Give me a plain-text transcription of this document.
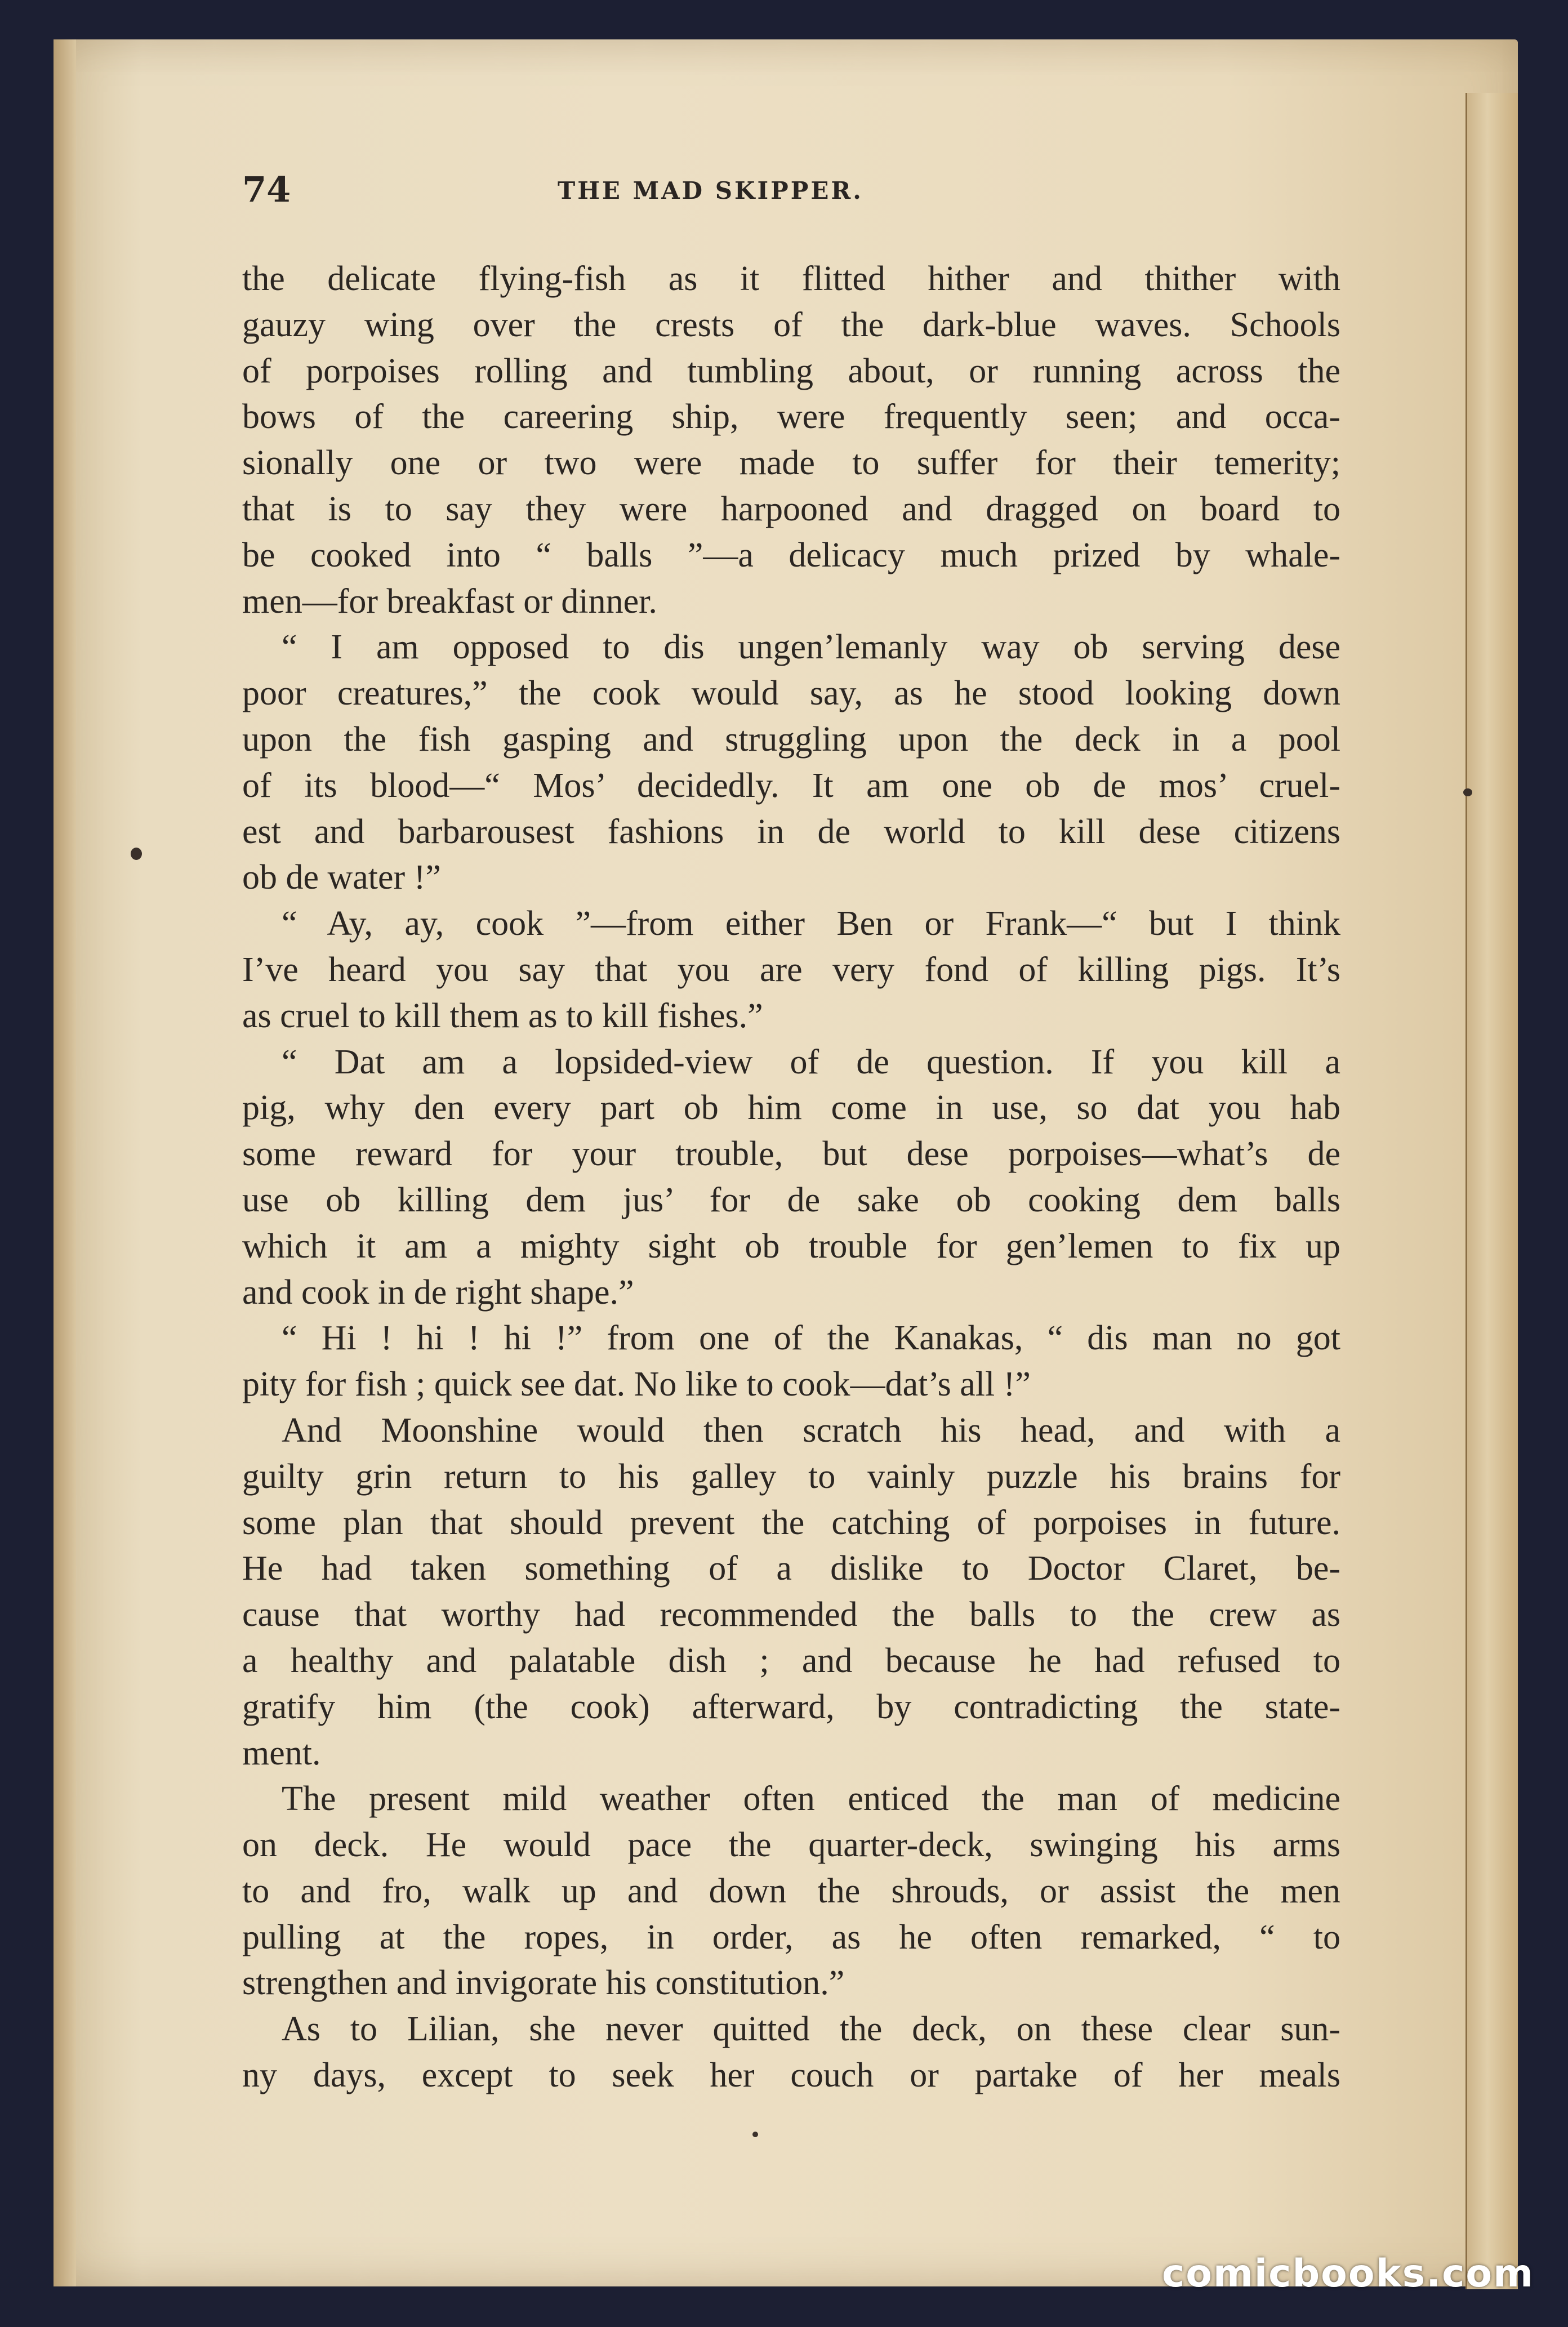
74	THE MAD SKIPPER.
the delicate flying-fish as it flitted hither and thither with
gauzy wing over the crests of the dark-blue waves. Schools
of porpoises rolling and tumbling about, or running across the
bows of the careering ship, were frequently seen; and occa-
sionally one or two were made to suffer for their temerity;
that is to say they were harpooned and dragged on board to
be cooked into “ balls ”—a delicacy much prized by whale-
men—for breakfast or dinner.
“ I am opposed to dis ungen’lemanly way ob serving dese
poor creatures,” the cook would say, as he stood looking down
upon the fish gasping and struggling upon the deck in a pool
of its blood—“ Mos’ decidedly. It am one ob de mos’ cruel-
est and barbarousest fashions in de world to kill dese citizens
ob de water !”
“ Ay, ay, cook ”—from either Ben or Frank—“ but I think
I’ve heard you say that you are very fond of killing pigs. It’s
as cruel to kill them as to kill fishes.”
“ Dat am a lopsided-view of de question. If you kill a
pig, why den every part ob him come in use, so dat you hab
some reward for your trouble, but dese porpoises—what’s de
use ob killing dem jus’ for de sake ob cooking dem balls
which it am a mighty sight ob trouble for gen’lemen to fix up
and cook in de right shape.”
“ Hi ! hi ! hi !” from one of the Kanakas, “ dis man no got
pity for fish ; quick see dat. No like to cook—dat’s all !”
And Moonshine would then scratch his head, and with a
guilty grin return to his galley to vainly puzzle his brains for
some plan that should prevent the catching of porpoises in future.
He had taken something of a dislike to Doctor Claret, be-
cause that worthy had recommended the balls to the crew as
a healthy and palatable dish ; and because he had refused to
gratify him (the cook) afterward, by contradicting the state-
ment.
The present mild weather often enticed the man of medicine
on deck. He would pace the quarter-deck, swinging his arms
to and fro, walk up and down the shrouds, or assist the men
pulling at the ropes, in order, as he often remarked, “ to
strengthen and invigorate his constitution.”
As to Lilian, she never quitted the deck, on these clear sun-
ny days, except to seek her couch or partake of her meals
comicbooks.com
